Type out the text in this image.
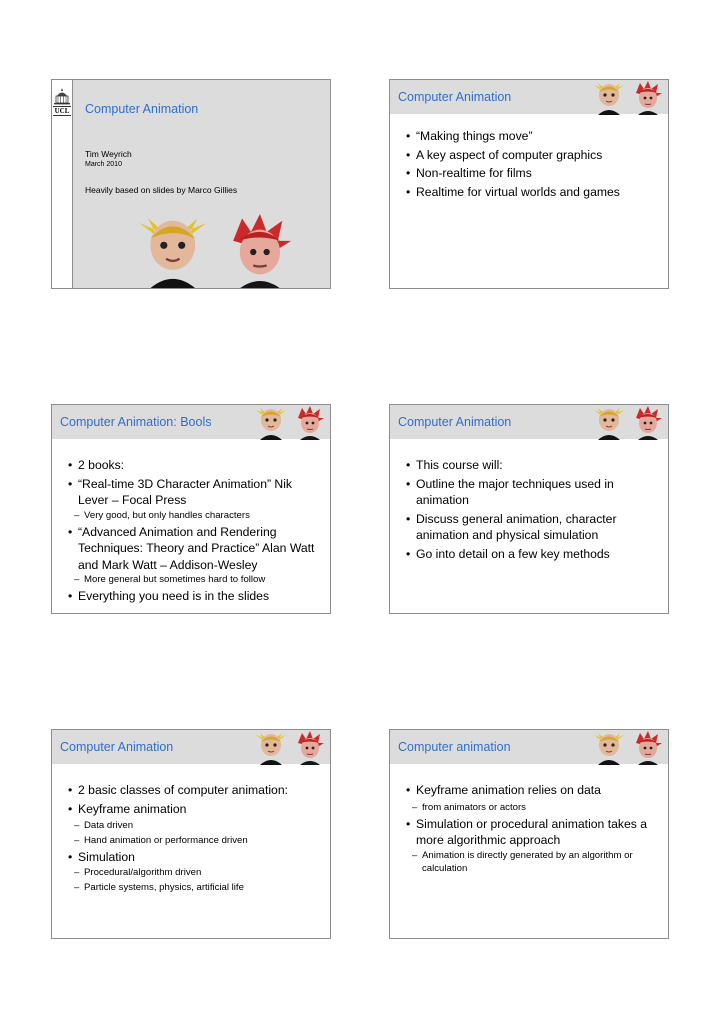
UCL Computer Animation
Tim Weyrich
March 2010
Heavily based on slides by Marco Gillies
Computer Animation
• “Making things move”
• A key aspect of computer graphics
• Non-realtime for films
• Realtime for virtual worlds and games
Computer Animation: Bools
• 2 books:
• “Real-time 3D Character Animation” Nik Lever – Focal Press
– Very good, but only handles characters
• “Advanced Animation and Rendering Techniques: Theory and Practice” Alan Watt and Mark Watt – Addison-Wesley
– More general but sometimes hard to follow
• Everything you need is in the slides
Computer Animation
• This course will:
• Outline the major techniques used in animation
• Discuss general animation, character animation and physical simulation
• Go into detail on a few key methods
Computer Animation
• 2 basic classes of computer animation:
• Keyframe animation
– Data driven
– Hand animation or performance driven
• Simulation
– Procedural/algorithm driven
– Particle systems, physics, artificial life
Computer animation
• Keyframe animation relies on data
– from animators or actors
• Simulation or procedural animation takes a more algorithmic approach
– Animation is directly generated by an algorithm or calculation
